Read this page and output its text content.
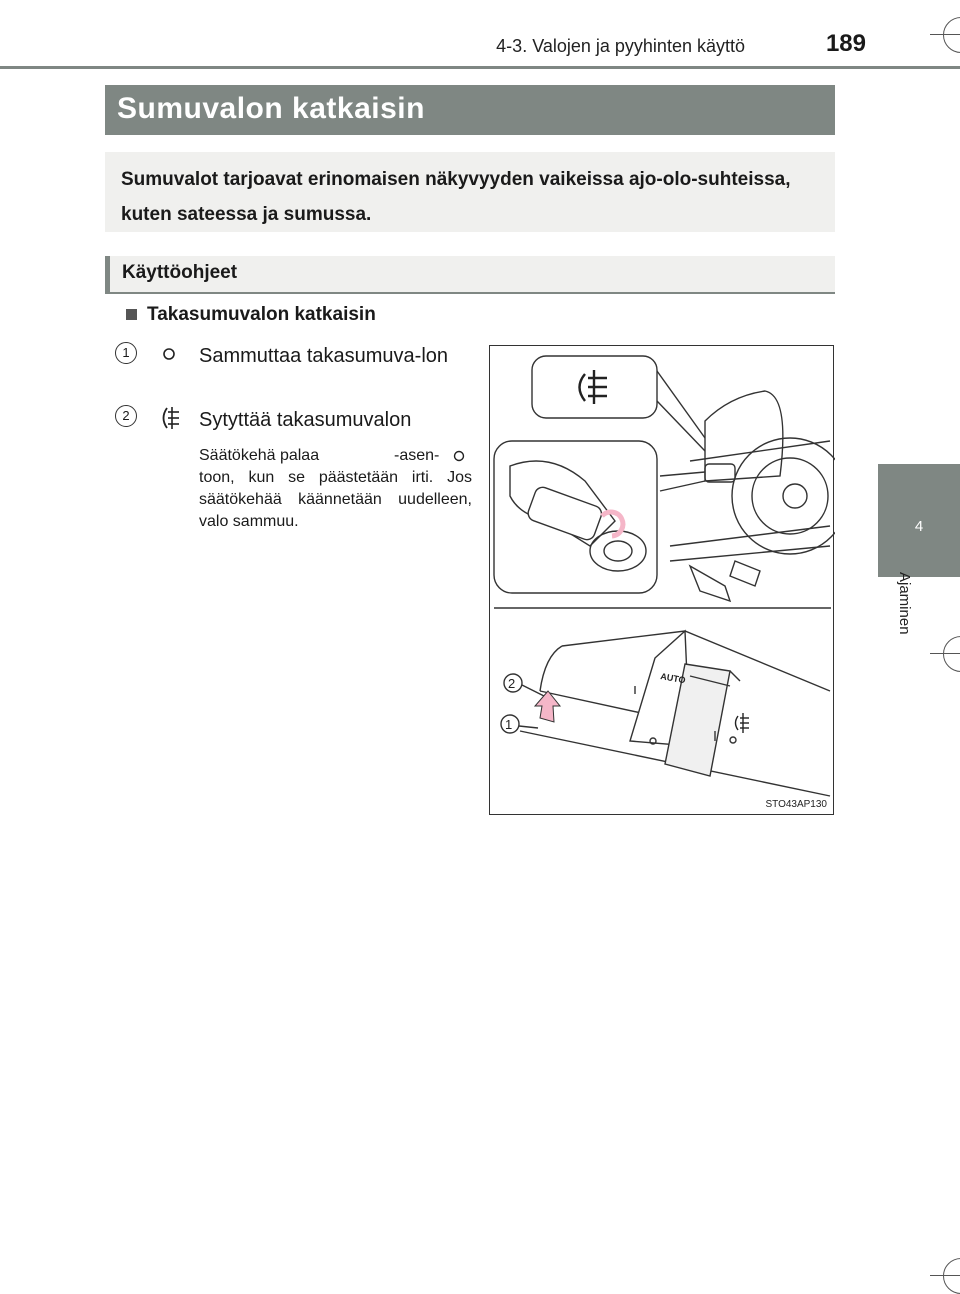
4-3. Valojen ja pyyhinten käyttö	189
4
Ajaminen
Sumuvalon katkaisin
Sumuvalot tarjoavat erinomaisen näkyvyyden vaikeissa ajo-olo-suhteissa, kuten sateessa ja sumussa.
Käyttöohjeet
Takasumuvalon katkaisin
1	Sammuttaa takasumuva-lon
2	Sytyttää takasumuvalon
Säätökehä palaa	-asen-toon, kun se päästetään irti. Jos säätökehää käännetään uudelleen, valo sammuu.
AUTO
2
1
STO43AP130
